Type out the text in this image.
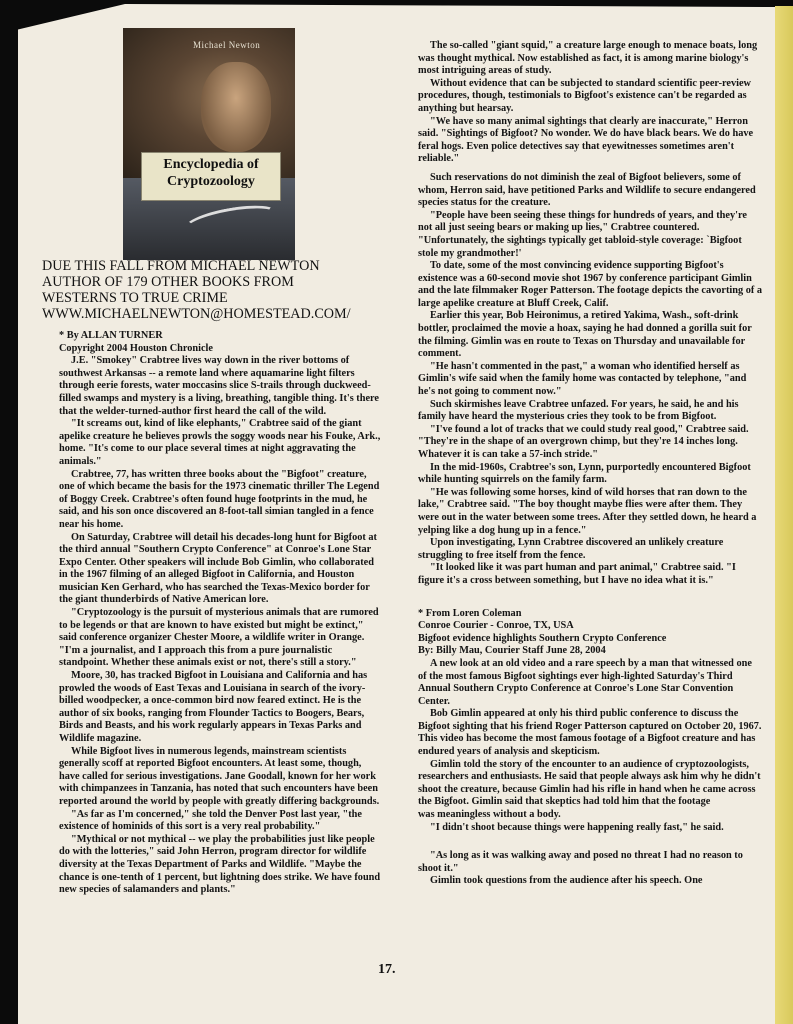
Michael Newton
Encyclopedia of
Cryptozoology
DUE THIS FALL FROM MICHAEL NEWTON
AUTHOR OF 179 OTHER BOOKS FROM
WESTERNS TO TRUE CRIME
WWW.MICHAELNEWTON@HOMESTEAD.COM/

* By ALLAN TURNER

Copyright 2004 Houston Chronicle

J.E. "Smokey" Crabtree lives way down in the river bottoms of southwest Arkansas -- a remote land where aquamarine light filters through eerie forests, water moccasins slice S-trails through duckweed-filled swamps and mystery is a living, breathing, tangible thing. It's there that the welder-turned-author first heard the call of the wild.

"It screams out, kind of like elephants," Crabtree said of the giant apelike creature he believes prowls the soggy woods near his Fouke, Ark., home. "It's come to our place several times at night aggravating the animals."

Crabtree, 77, has written three books about the "Bigfoot" creature, one of which became the basis for the 1973 cinematic thriller The Legend of Boggy Creek. Crabtree's often found huge footprints in the mud, he said, and his son once discovered an 8-foot-tall simian tangled in a fence near his home.

On Saturday, Crabtree will detail his decades-long hunt for Bigfoot at the third annual "Southern Crypto Conference" at Conroe's Lone Star Expo Center. Other speakers will include Bob Gimlin, who collaborated in the 1967 filming of an alleged Bigfoot in California, and Houston musician Ken Gerhard, who has searched the Texas-Mexico border for the giant thunderbirds of Native American lore.

"Cryptozoology is the pursuit of mysterious animals that are rumored to be legends or that are known to have existed but might be extinct," said conference organizer Chester Moore, a wildlife writer in Orange. "I'm a journalist, and I approach this from a pure journalistic standpoint. Whether these animals exist or not, there's still a story."

Moore, 30, has tracked Bigfoot in Louisiana and California and has prowled the woods of East Texas and Louisiana in search of the ivory-billed woodpecker, a once-common bird now feared extinct. He is the author of six books, ranging from Flounder Tactics to Boogers, Bears, Birds and Beasts, and his work regularly appears in Texas Parks and Wildlife magazine.

While Bigfoot lives in numerous legends, mainstream scientists generally scoff at reported Bigfoot encounters. At least some, though, have called for serious investigations. Jane Goodall, known for her work with chimpanzees in Tanzania, has noted that such encounters have been reported around the world by people with greatly differing backgrounds.

"As far as I'm concerned," she told the Denver Post last year, "the existence of hominids of this sort is a very real probability."

"Mythical or not mythical -- we play the probabilities just like people do with the lotteries," said John Herron, program director for wildlife diversity at the Texas Department of Parks and Wildlife. "Maybe the chance is one-tenth of 1 percent, but lightning does strike. We have found new species of salamanders and plants."

The so-called "giant squid," a creature large enough to menace boats, long was thought mythical. Now established as fact, it is among marine biology's most intriguing areas of study.

Without evidence that can be subjected to standard scientific peer-review procedures, though, testimonials to Bigfoot's existence can't be regarded as anything but hearsay.

"We have so many animal sightings that clearly are inaccurate," Herron said. "Sightings of Bigfoot? No wonder. We do have black bears. We do have feral hogs. Even police detectives say that eyewitnesses sometimes aren't reliable."

Such reservations do not diminish the zeal of Bigfoot believers, some of whom, Herron said, have petitioned Parks and Wildlife to secure endangered species status for the creature.

"People have been seeing these things for hundreds of years, and they're not all just seeing bears or making up lies," Crabtree countered. "Unfortunately, the sightings typically get tabloid-style coverage: `Bigfoot stole my grandmother!'

To date, some of the most convincing evidence supporting Bigfoot's existence was a 60-second movie shot 1967 by conference participant Gimlin and the late filmmaker Roger Patterson. The footage depicts the cavorting of a large apelike creature at Bluff Creek, Calif.

Earlier this year, Bob Heironimus, a retired Yakima, Wash., soft-drink bottler, proclaimed the movie a hoax, saying he had donned a gorilla suit for the filming. Gimlin was en route to Texas on Thursday and unavailable for comment.

"He hasn't commented in the past," a woman who identified herself as Gimlin's wife said when the family home was contacted by telephone, "and he's not going to comment now."

Such skirmishes leave Crabtree unfazed. For years, he said, he and his family have heard the mysterious cries they took to be from Bigfoot.

"I've found a lot of tracks that we could study real good," Crabtree said. "They're in the shape of an overgrown chimp, but they're 14 inches long. Whatever it is can take a 57-inch stride."

In the mid-1960s, Crabtree's son, Lynn, purportedly encountered Bigfoot while hunting squirrels on the family farm.

"He was following some horses, kind of wild horses that ran down to the lake," Crabtree said. "The boy thought maybe flies were after them. They were out in the water between some trees. After they settled down, he heard a yelping like a dog hung up in a fence."

Upon investigating, Lynn Crabtree discovered an unlikely creature struggling to free itself from the fence.

"It looked like it was part human and part animal," Crabtree said. "I figure it's a cross between something, but I have no idea what it is."

* From Loren Coleman

Conroe Courier - Conroe, TX, USA

Bigfoot evidence highlights Southern Crypto Conference

By: Billy Mau, Courier Staff June 28, 2004

A new look at an old video and a rare speech by a man that witnessed one of the most famous Bigfoot sightings ever high-lighted Saturday's Third Annual Southern Crypto Conference at Conroe's Lone Star Convention Center.

Bob Gimlin appeared at only his third public conference to discuss the Bigfoot sighting that his friend Roger Patterson captured on October 20, 1967. This video has become the most famous footage of a Bigfoot creature and has endured years of analysis and skepticism.

Gimlin told the story of the encounter to an audience of cryptozoologists, researchers and enthusiasts. He said that people always ask him why he didn't shoot the creature, because Gimlin had his rifle in hand when he came across the Bigfoot. Gimlin said that skeptics had told him that the footage

was meaningless without a body.

"I didn't shoot because things were happening really fast," he said.

"As long as it was walking away and posed no threat I had no reason to shoot it."

Gimlin took questions from the audience after his speech. One

17.
